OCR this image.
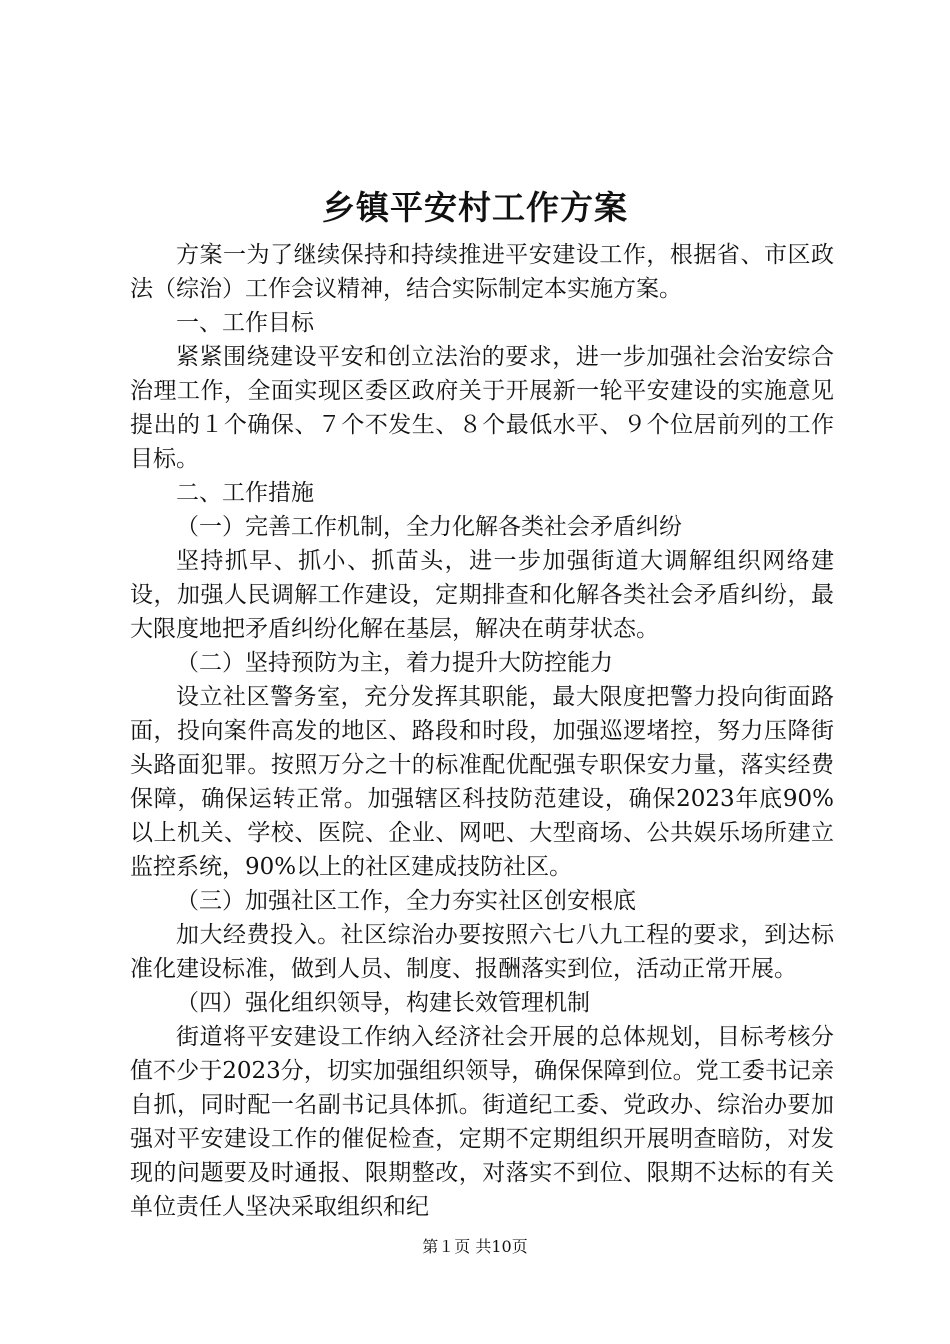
乡镇平安村工作方案

方案一为了继续保持和持续推进平安建设工作，根据省、市区政法（综治）工作会议精神，结合实际制定本实施方案。

一、工作目标

紧紧围绕建设平安和创立法治的要求，进一步加强社会治安综合治理工作，全面实现区委区政府关于开展新一轮平安建设的实施意见提出的１个确保、７个不发生、８个最低水平、９个位居前列的工作目标。

二、工作措施

（一）完善工作机制，全力化解各类社会矛盾纠纷

坚持抓早、抓小、抓苗头，进一步加强街道大调解组织网络建设，加强人民调解工作建设，定期排查和化解各类社会矛盾纠纷，最大限度地把矛盾纠纷化解在基层，解决在萌芽状态。

（二）坚持预防为主，着力提升大防控能力

设立社区警务室，充分发挥其职能，最大限度把警力投向街面路面，投向案件高发的地区、路段和时段，加强巡逻堵控，努力压降街头路面犯罪。按照万分之十的标准配优配强专职保安力量，落实经费保障，确保运转正常。加强辖区科技防范建设，确保2023年底90%以上机关、学校、医院、企业、网吧、大型商场、公共娱乐场所建立监控系统，90%以上的社区建成技防社区。

（三）加强社区工作，全力夯实社区创安根底

加大经费投入。社区综治办要按照六七八九工程的要求，到达标准化建设标准，做到人员、制度、报酬落实到位，活动正常开展。

（四）强化组织领导，构建长效管理机制

街道将平安建设工作纳入经济社会开展的总体规划，目标考核分值不少于2023分，切实加强组织领导，确保保障到位。党工委书记亲自抓，同时配一名副书记具体抓。街道纪工委、党政办、综治办要加强对平安建设工作的催促检查，定期不定期组织开展明查暗防，对发现的问题要及时通报、限期整改，对落实不到位、限期不达标的有关单位责任人坚决采取组织和纪

第１页 共10页
